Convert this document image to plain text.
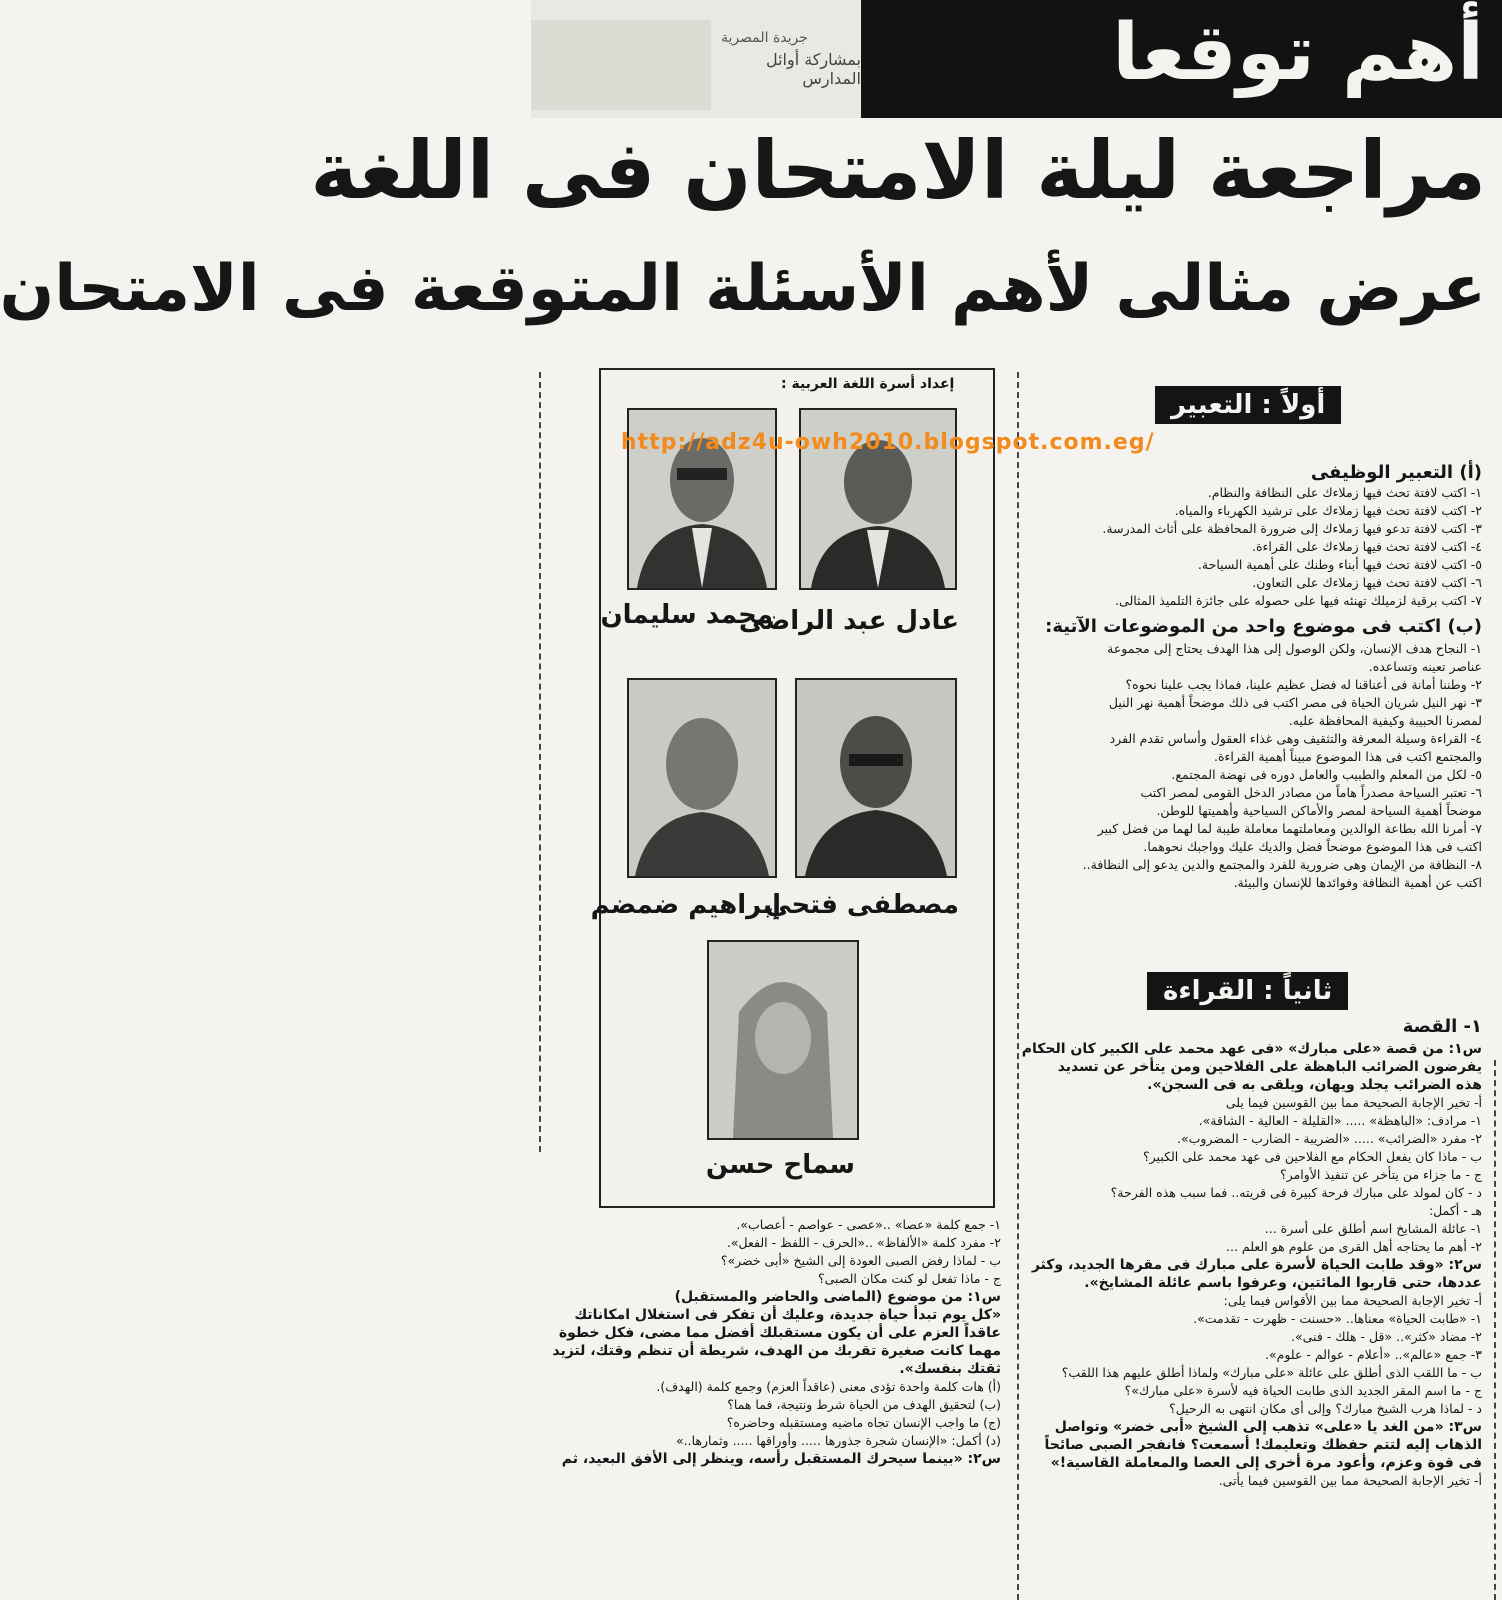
جريدة المصرية
بمشاركة أوائل المدارس	أهم توقعا
مراجعة ليلة الامتحان فى اللغة
عرض مثالى لأهم الأسئلة المتوقعة فى الامتحان
إعداد أسرة اللغة العربية :
عادل عبد الراضى
محمد سليمان
مصطفى فتحي
إبراهيم ضمضم
سماح حسن
http://adz4u-owh2010.blogspot.com.eg/
أولاً : التعبير
(أ) التعبير الوظيفى
١- اكتب لافتة تحث فيها زملاءك على النظافة والنظام.
٢- اكتب لافتة تحث فيها زملاءك على ترشيد الكهرباء والمياه.
٣- اكتب لافتة تدعو فيها زملاءك إلى ضرورة المحافظة على أثاث المدرسة.
٤- اكتب لافتة تحث فيها زملاءك على القراءة.
٥- اكتب لافتة تحث فيها أبناء وطنك على أهمية السياحة.
٦- اكتب لافتة تحث فيها زملاءك على التعاون.
٧- اكتب برقية لزميلك تهنئه فيها على حصوله على جائزة التلميذ المثالى.
(ب) اكتب فى موضوع واحد من الموضوعات الآتية:
١- النجاح هدف الإنسان، ولكن الوصول إلى هذا الهدف يحتاج إلى مجموعة
عناصر تعينه وتساعده.
٢- وطننا أمانة فى أعناقنا له فضل عظيم علينا، فماذا يجب علينا نحوه؟
٣- نهر النيل شريان الحياة فى مصر اكتب فى ذلك موضحاً أهمية نهر النيل
لمصرنا الحبيبة وكيفية المحافظة عليه.
٤- القراءة وسيلة المعرفة والتثقيف وهى غذاء العقول وأساس تقدم الفرد
والمجتمع اكتب فى هذا الموضوع مبيناً أهمية القراءة.
٥- لكل من المعلم والطبيب والعامل دوره فى نهضة المجتمع.
٦- تعتبر السياحة مصدراً هاماً من مصادر الدخل القومى لمصر اكتب
موضحاً أهمية السياحة لمصر والأماكن السياحية وأهميتها للوطن.
٧- أمرنا الله بطاعة الوالدين ومعاملتهما معاملة طيبة لما لهما من فضل كبير
اكتب فى هذا الموضوع موضحاً فضل والديك عليك وواجبك نحوهما.
٨- النظافة من الإيمان وهى ضرورية للفرد والمجتمع والدين يدعو إلى النظافة..
اكتب عن أهمية النظافة وفوائدها للإنسان والبيئة.
ثانياً : القراءة
١- القصة
س١: من قصة «على مبارك» «فى عهد محمد على الكبير كان الحكام
يفرضون الضرائب الباهظة على الفلاحين ومن يتأخر عن تسديد
هذه الضرائب يجلد ويهان، ويلقى به فى السجن».
أ- تخير الإجابة الصحيحة مما بين القوسين فيما يلى
١- مرادف: «الباهظة» ..... «القليلة - العالية - الشاقة».
٢- مفرد «الضرائب» ..... «الضريبة - الضارب - المضروب».
ب - ماذا كان يفعل الحكام مع الفلاحين فى عهد محمد على الكبير؟
ج - ما جزاء من يتأخر عن تنفيذ الأوامر؟
د - كان لمولد على مبارك فرحة كبيرة فى قريته.. فما سبب هذه الفرحة؟
هـ - أكمل:
١- عائلة المشايخ اسم أطلق على أسرة ...
٢- أهم ما يحتاجه أهل القرى من علوم هو العلم ...
س٢: «وقد طابت الحياة لأسرة على مبارك فى مقرها الجديد، وكثر
عددها، حتى قاربوا المائتين، وعرفوا باسم عائلة المشايخ».
أ- تخير الإجابة الصحيحة مما بين الأقواس فيما يلى:
١- «طابت الحياة» معناها.. «حسنت - ظهرت - تقدمت».
٢- مضاد «كثر».. «قل - هلك - فنى».
٣- جمع «عالم».. «أعلام - عوالم - علوم».
ب - ما اللقب الذى أطلق على عائلة «على مبارك» ولماذا أطلق عليهم هذا اللقب؟
ج - ما اسم المقر الجديد الذى طابت الحياة فيه لأسرة «على مبارك»؟
د - لماذا هرب الشيخ مبارك؟ وإلى أى مكان انتهى به الرحيل؟
س٣: «من الغد يا «على» تذهب إلى الشيخ «أبى خضر» وتواصل
الذهاب إليه لتتم حفظك وتعليمك! أسمعت؟ فانفجر الصبى صائحاً
فى قوة وعزم، وأعود مرة أخرى إلى العصا والمعاملة القاسية!»
أ- تخير الإجابة الصحيحة مما بين القوسين فيما يأتى.
١- جمع كلمة «عصا» ..«عصى - عواصم - أعصاب».
٢- مفرد كلمة «الألفاظ» ..«الحرف - اللفظ - الفعل».
ب - لماذا رفض الصبى العودة إلى الشيخ «أبى خضر»؟
ج - ماذا تفعل لو كنت مكان الصبى؟
س١: من موضوع (الماضى والحاضر والمستقبل)
«كل يوم تبدأ حياة جديدة، وعليك أن تفكر فى استغلال امكاناتك
عاقداً العزم على أن يكون مستقبلك أفضل مما مضى، فكل خطوة
مهما كانت صغيرة تقربك من الهدف، شريطة أن تنظم وقتك، لتزيد
ثقتك بنفسك».
(أ) هات كلمة واحدة تؤدى معنى (عاقداً العزم) وجمع كلمة (الهدف).
(ب) لتحقيق الهدف من الحياة شرط ونتيجة، فما هما؟
(ج) ما واجب الإنسان تجاه ماضيه ومستقبله وحاضره؟
(د) أكمل: «الإنسان شجرة جذورها ..... وأوراقها ..... وثمارها..»
س٢: «بينما سيحرك المستقبل رأسه، وينظر إلى الأفق البعيد، ثم
